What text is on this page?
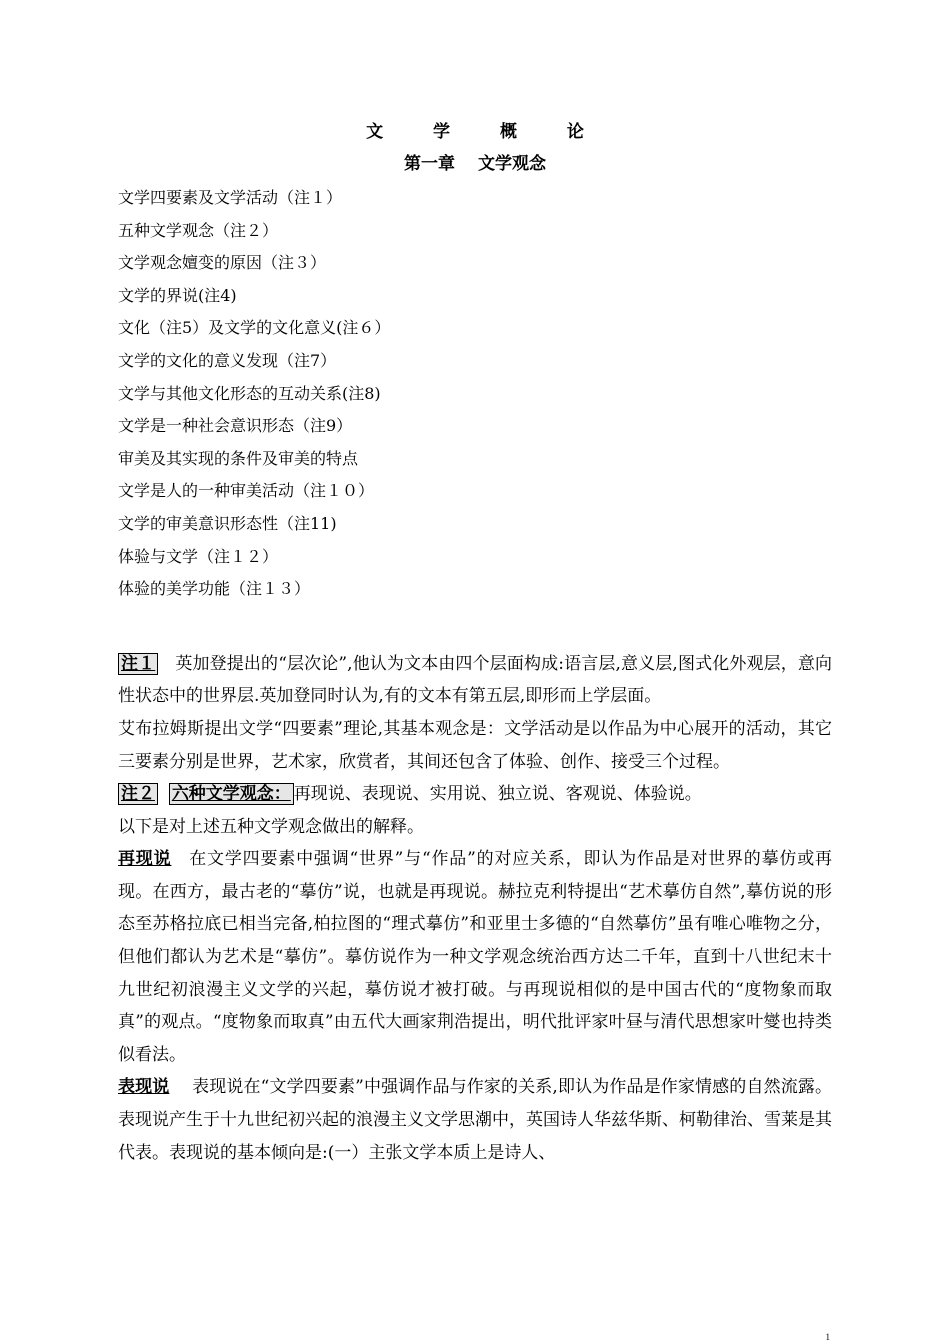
文 学 概 论
第一章　 文学观念
文学四要素及文学活动（注１）
五种文学观念（注２）
文学观念嬗变的原因（注３）
文学的界说(注4)
文化（注5）及文学的文化意义(注６）
文学的文化的意义发现（注7）
文学与其他文化形态的互动关系(注8)
文学是一种社会意识形态（注9）
审美及其实现的条件及审美的特点
文学是人的一种审美活动（注１０）
文学的审美意识形态性（注11)
体验与文学（注１２）
体验的美学功能（注１３）
注１　英加登提出的“层次论”,他认为文本由四个层面构成:语言层,意义层,图式化外观层，意向性状态中的世界层.英加登同时认为,有的文本有第五层,即形而上学层面。
艾布拉姆斯提出文学“四要素”理论,其基本观念是：文学活动是以作品为中心展开的活动，其它三要素分别是世界，艺术家，欣赏者，其间还包含了体验、创作、接受三个过程。
注２ 六种文学观念： 再现说、表现说、实用说、独立说、客观说、体验说。
以下是对上述五种文学观念做出的解释。
再现说　在文学四要素中强调“世界”与“作品”的对应关系，即认为作品是对世界的摹仿或再现。在西方，最古老的“摹仿”说，也就是再现说。赫拉克利特提出“艺术摹仿自然”,摹仿说的形态至苏格拉底已相当完备,柏拉图的“理式摹仿”和亚里士多德的“自然摹仿”虽有唯心唯物之分，但他们都认为艺术是“摹仿”。摹仿说作为一种文学观念统治西方达二千年，直到十八世纪末十九世纪初浪漫主义文学的兴起，摹仿说才被打破。与再现说相似的是中国古代的“度物象而取真”的观点。“度物象而取真”由五代大画家荆浩提出，明代批评家叶昼与清代思想家叶燮也持类似看法。
表现说　 表现说在“文学四要素”中强调作品与作家的关系,即认为作品是作家情感的自然流露。表现说产生于十九世纪初兴起的浪漫主义文学思潮中，英国诗人华兹华斯、柯勒律治、雪莱是其代表。表现说的基本倾向是:(一）主张文学本质上是诗人、
1
